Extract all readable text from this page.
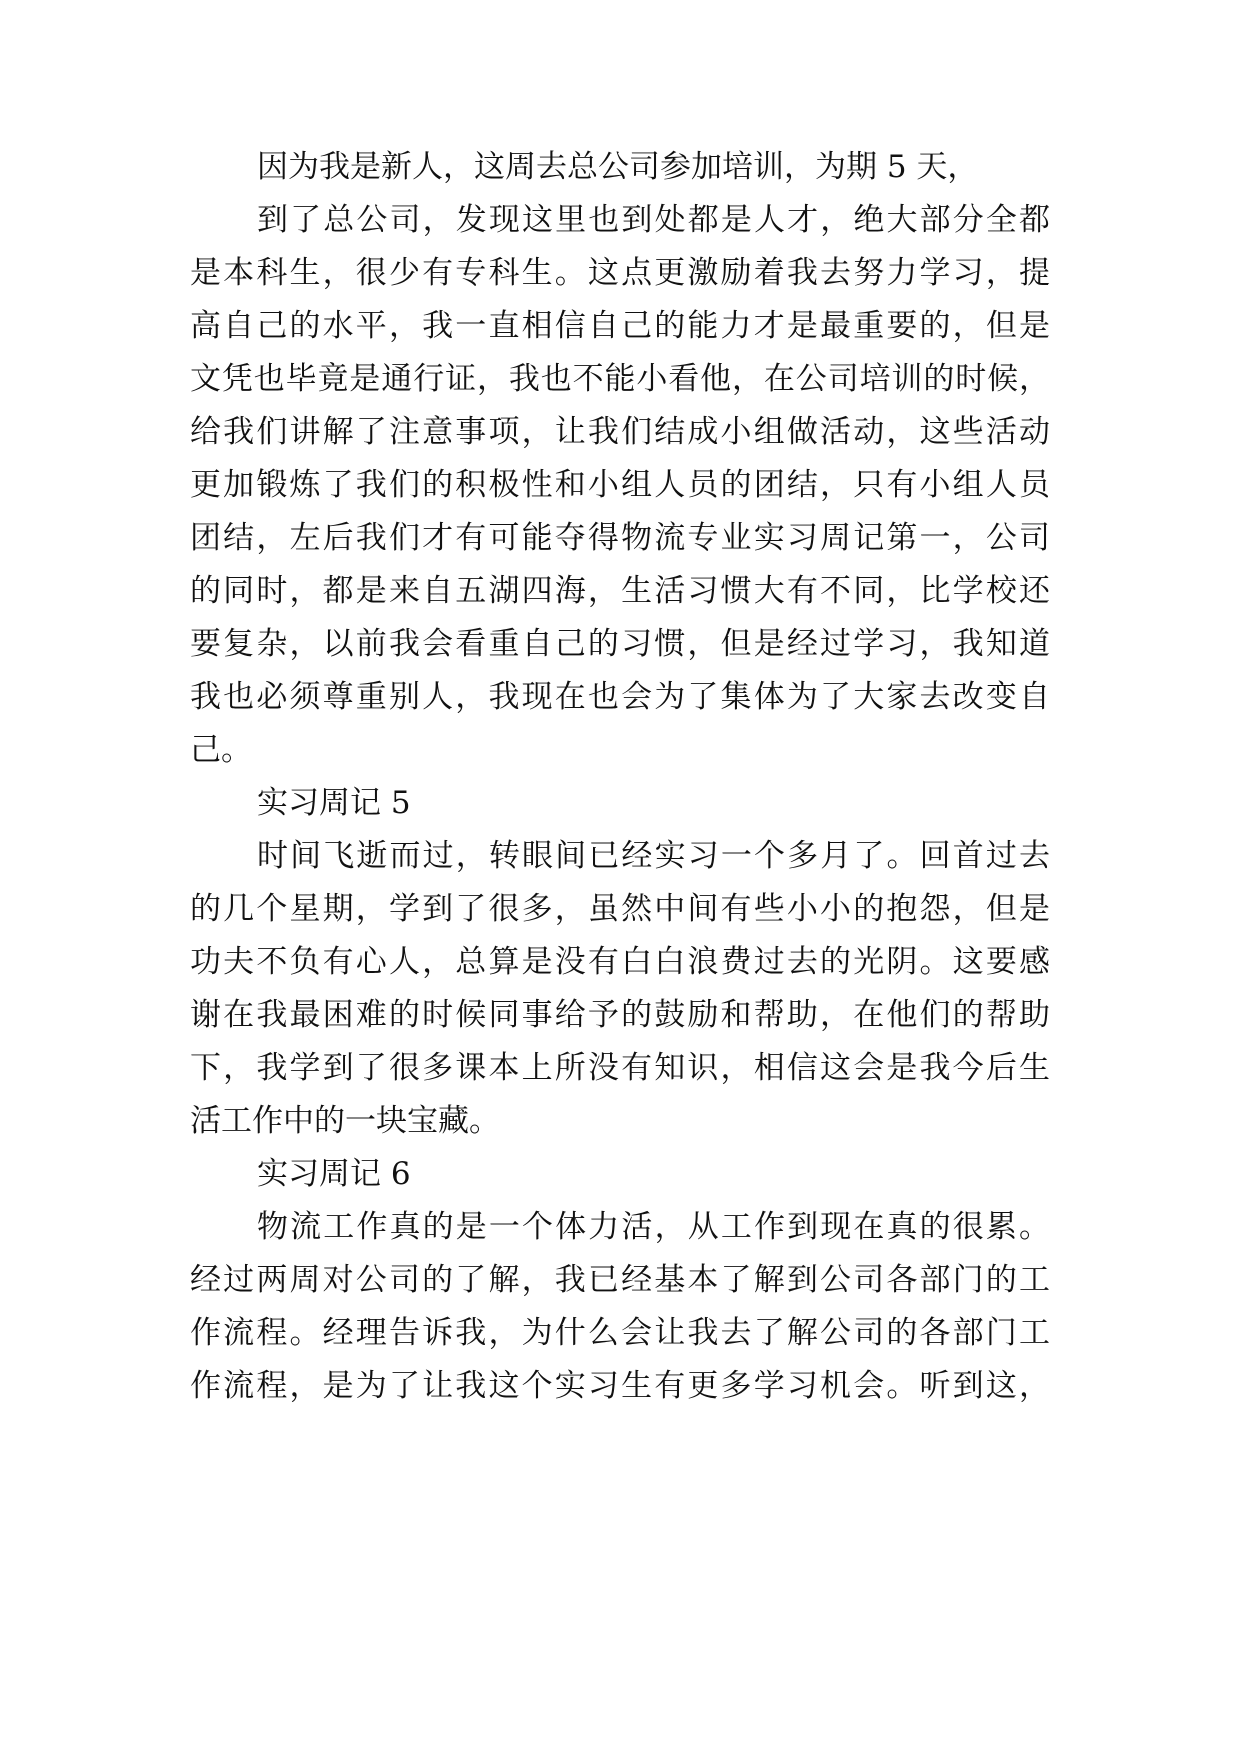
因为我是新人，这周去总公司参加培训，为期 5 天，
到了总公司，发现这里也到处都是人才，绝大部分全都
是本科生，很少有专科生。这点更激励着我去努力学习，提
高自己的水平，我一直相信自己的能力才是最重要的，但是
文凭也毕竟是通行证，我也不能小看他，在公司培训的时候，
给我们讲解了注意事项，让我们结成小组做活动，这些活动
更加锻炼了我们的积极性和小组人员的团结，只有小组人员
团结，左后我们才有可能夺得物流专业实习周记第一，公司
的同时，都是来自五湖四海，生活习惯大有不同，比学校还
要复杂，以前我会看重自己的习惯，但是经过学习，我知道
我也必须尊重别人，我现在也会为了集体为了大家去改变自
己。
实习周记 5
时间飞逝而过，转眼间已经实习一个多月了。回首过去
的几个星期，学到了很多，虽然中间有些小小的抱怨，但是
功夫不负有心人，总算是没有白白浪费过去的光阴。这要感
谢在我最困难的时候同事给予的鼓励和帮助，在他们的帮助
下，我学到了很多课本上所没有知识，相信这会是我今后生
活工作中的一块宝藏。
实习周记 6
物流工作真的是一个体力活，从工作到现在真的很累。
经过两周对公司的了解，我已经基本了解到公司各部门的工
作流程。经理告诉我，为什么会让我去了解公司的各部门工
作流程，是为了让我这个实习生有更多学习机会。听到这，
